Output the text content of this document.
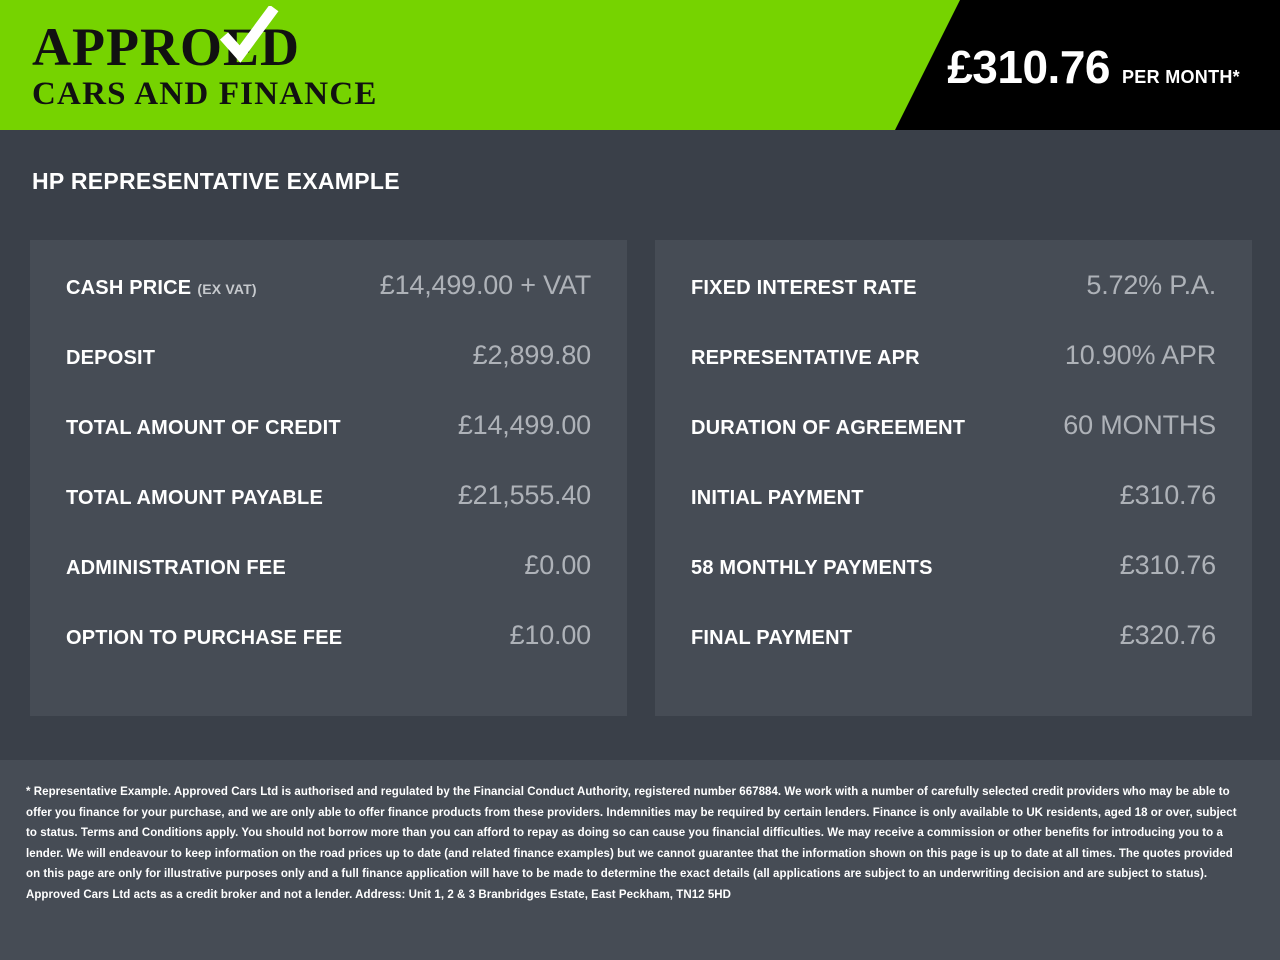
APPROED
CARS AND FINANCE
£310.76 PER MONTH*
HP REPRESENTATIVE EXAMPLE
CASH PRICE (EX VAT)	£14,499.00 + VAT
DEPOSIT	£2,899.80
TOTAL AMOUNT OF CREDIT	£14,499.00
TOTAL AMOUNT PAYABLE	£21,555.40
ADMINISTRATION FEE	£0.00
OPTION TO PURCHASE FEE	£10.00
FIXED INTEREST RATE	5.72% P.A.
REPRESENTATIVE APR	10.90% APR
DURATION OF AGREEMENT	60 MONTHS
INITIAL PAYMENT	£310.76
58 MONTHLY PAYMENTS	£310.76
FINAL PAYMENT	£320.76

* Representative Example. Approved Cars Ltd is authorised and regulated by the Financial Conduct Authority, registered number 667884. We work with a number of carefully selected credit providers who may be able to offer you finance for your purchase, and we are only able to offer finance products from these providers. Indemnities may be required by certain lenders. Finance is only available to UK residents, aged 18 or over, subject to status. Terms and Conditions apply. You should not borrow more than you can afford to repay as doing so can cause you financial difficulties. We may receive a commission or other benefits for introducing you to a lender. We will endeavour to keep information on the road prices up to date (and related finance examples) but we cannot guarantee that the information shown on this page is up to date at all times. The quotes provided on this page are only for illustrative purposes only and a full finance application will have to be made to determine the exact details (all applications are subject to an underwriting decision and are subject to status). Approved Cars Ltd acts as a credit broker and not a lender. Address: Unit 1, 2 & 3 Branbridges Estate, East Peckham, TN12 5HD
